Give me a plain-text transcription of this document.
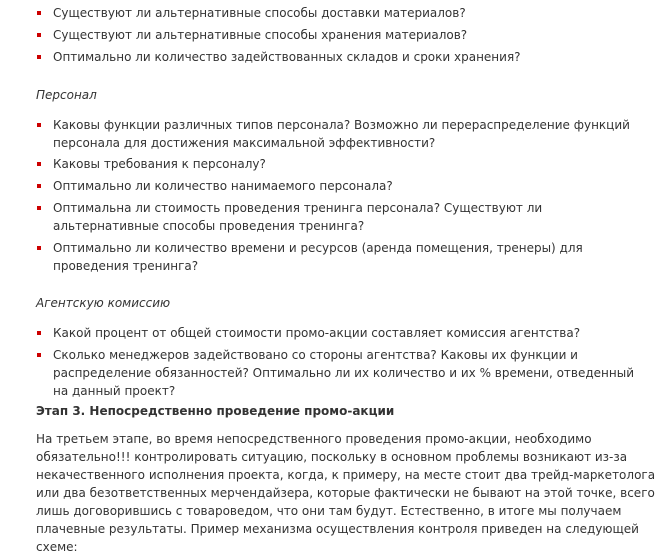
Существуют ли альтернативные способы доставки материалов?
Существуют ли альтернативные способы хранения материалов?
Оптимально ли количество задействованных складов и сроки хранения?
Персонал
Каковы функции различных типов персонала? Возможно ли перераспределение функций персонала для достижения максимальной эффективности?
Каковы требования к персоналу?
Оптимально ли количество нанимаемого персонала?
Оптимальна ли стоимость проведения тренинга персонала? Существуют ли альтернативные способы проведения тренинга?
Оптимально ли количество времени и ресурсов (аренда помещения, тренеры) для проведения тренинга?
Агентскую комиссию
Какой процент от общей стоимости промо-акции составляет комиссия агентства?
Сколько менеджеров задействовано со стороны агентства? Каковы их функции и распределение обязанностей? Оптимально ли их количество и их % времени, отведенный на данный проект?
Этап 3. Непосредственно проведение промо-акции

На третьем этапе, во время непосредственного проведения промо-акции, необходимо обязательно!!! контролировать ситуацию, поскольку в основном проблемы возникают из-за некачественного исполнения проекта, когда, к примеру, на месте стоит два трейд-маркетолога или два безответственных мерчендайзера, которые фактически не бывают на этой точке, всего лишь договорившись с товароведом, что они там будут. Естественно, в итоге мы получаем плачевные результаты. Пример механизма осуществления контроля приведен на следующей схеме:
